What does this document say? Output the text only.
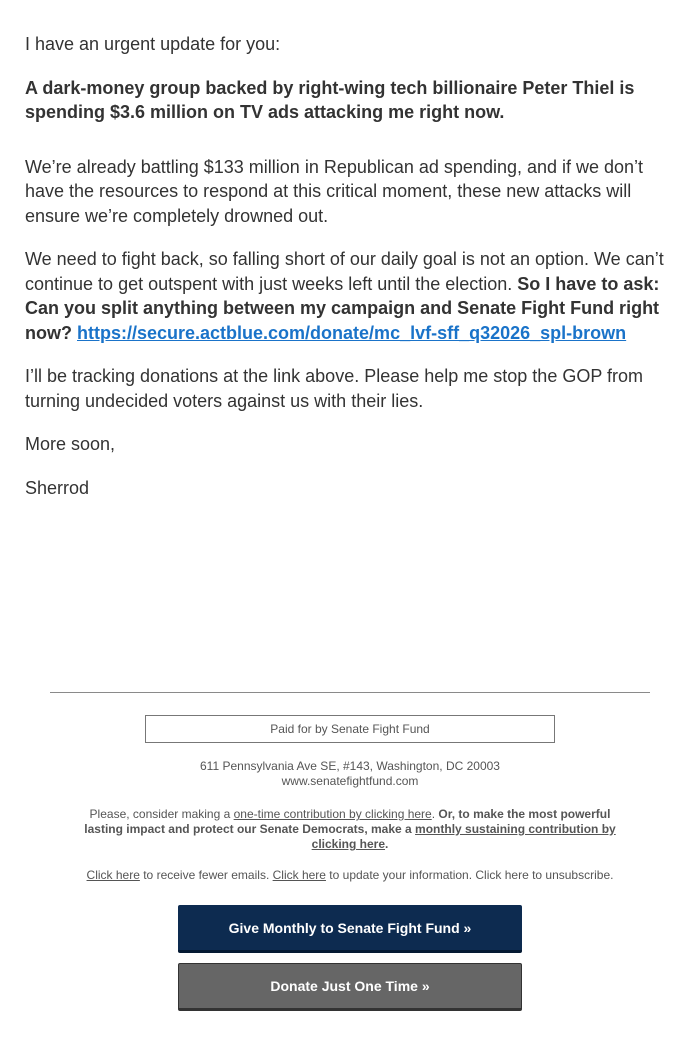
I have an urgent update for you:

A dark-money group backed by right-wing tech billionaire Peter Thiel is spending $3.6 million on TV ads attacking me right now.

We’re already battling $133 million in Republican ad spending, and if we don’t have the resources to respond at this critical moment, these new attacks will ensure we’re completely drowned out.

We need to fight back, so falling short of our daily goal is not an option. We can’t continue to get outspent with just weeks left until the election. So I have to ask: Can you split anything between my campaign and Senate Fight Fund right now? https://secure.actblue.com/donate/mc_lvf-sff_q32026_spl-brown

I’ll be tracking donations at the link above. Please help me stop the GOP from turning undecided voters against us with their lies.

More soon,

Sherrod

Paid for by Senate Fight Fund
611 Pennsylvania Ave SE, #143, Washington, DC 20003
www.senatefightfund.com
Please, consider making a one-time contribution by clicking here. Or, to make the most powerful lasting impact and protect our Senate Democrats, make a monthly sustaining contribution by clicking here.
Click here to receive fewer emails. Click here to update your information. Click here to unsubscribe.
Give Monthly to Senate Fight Fund »
Donate Just One Time »
